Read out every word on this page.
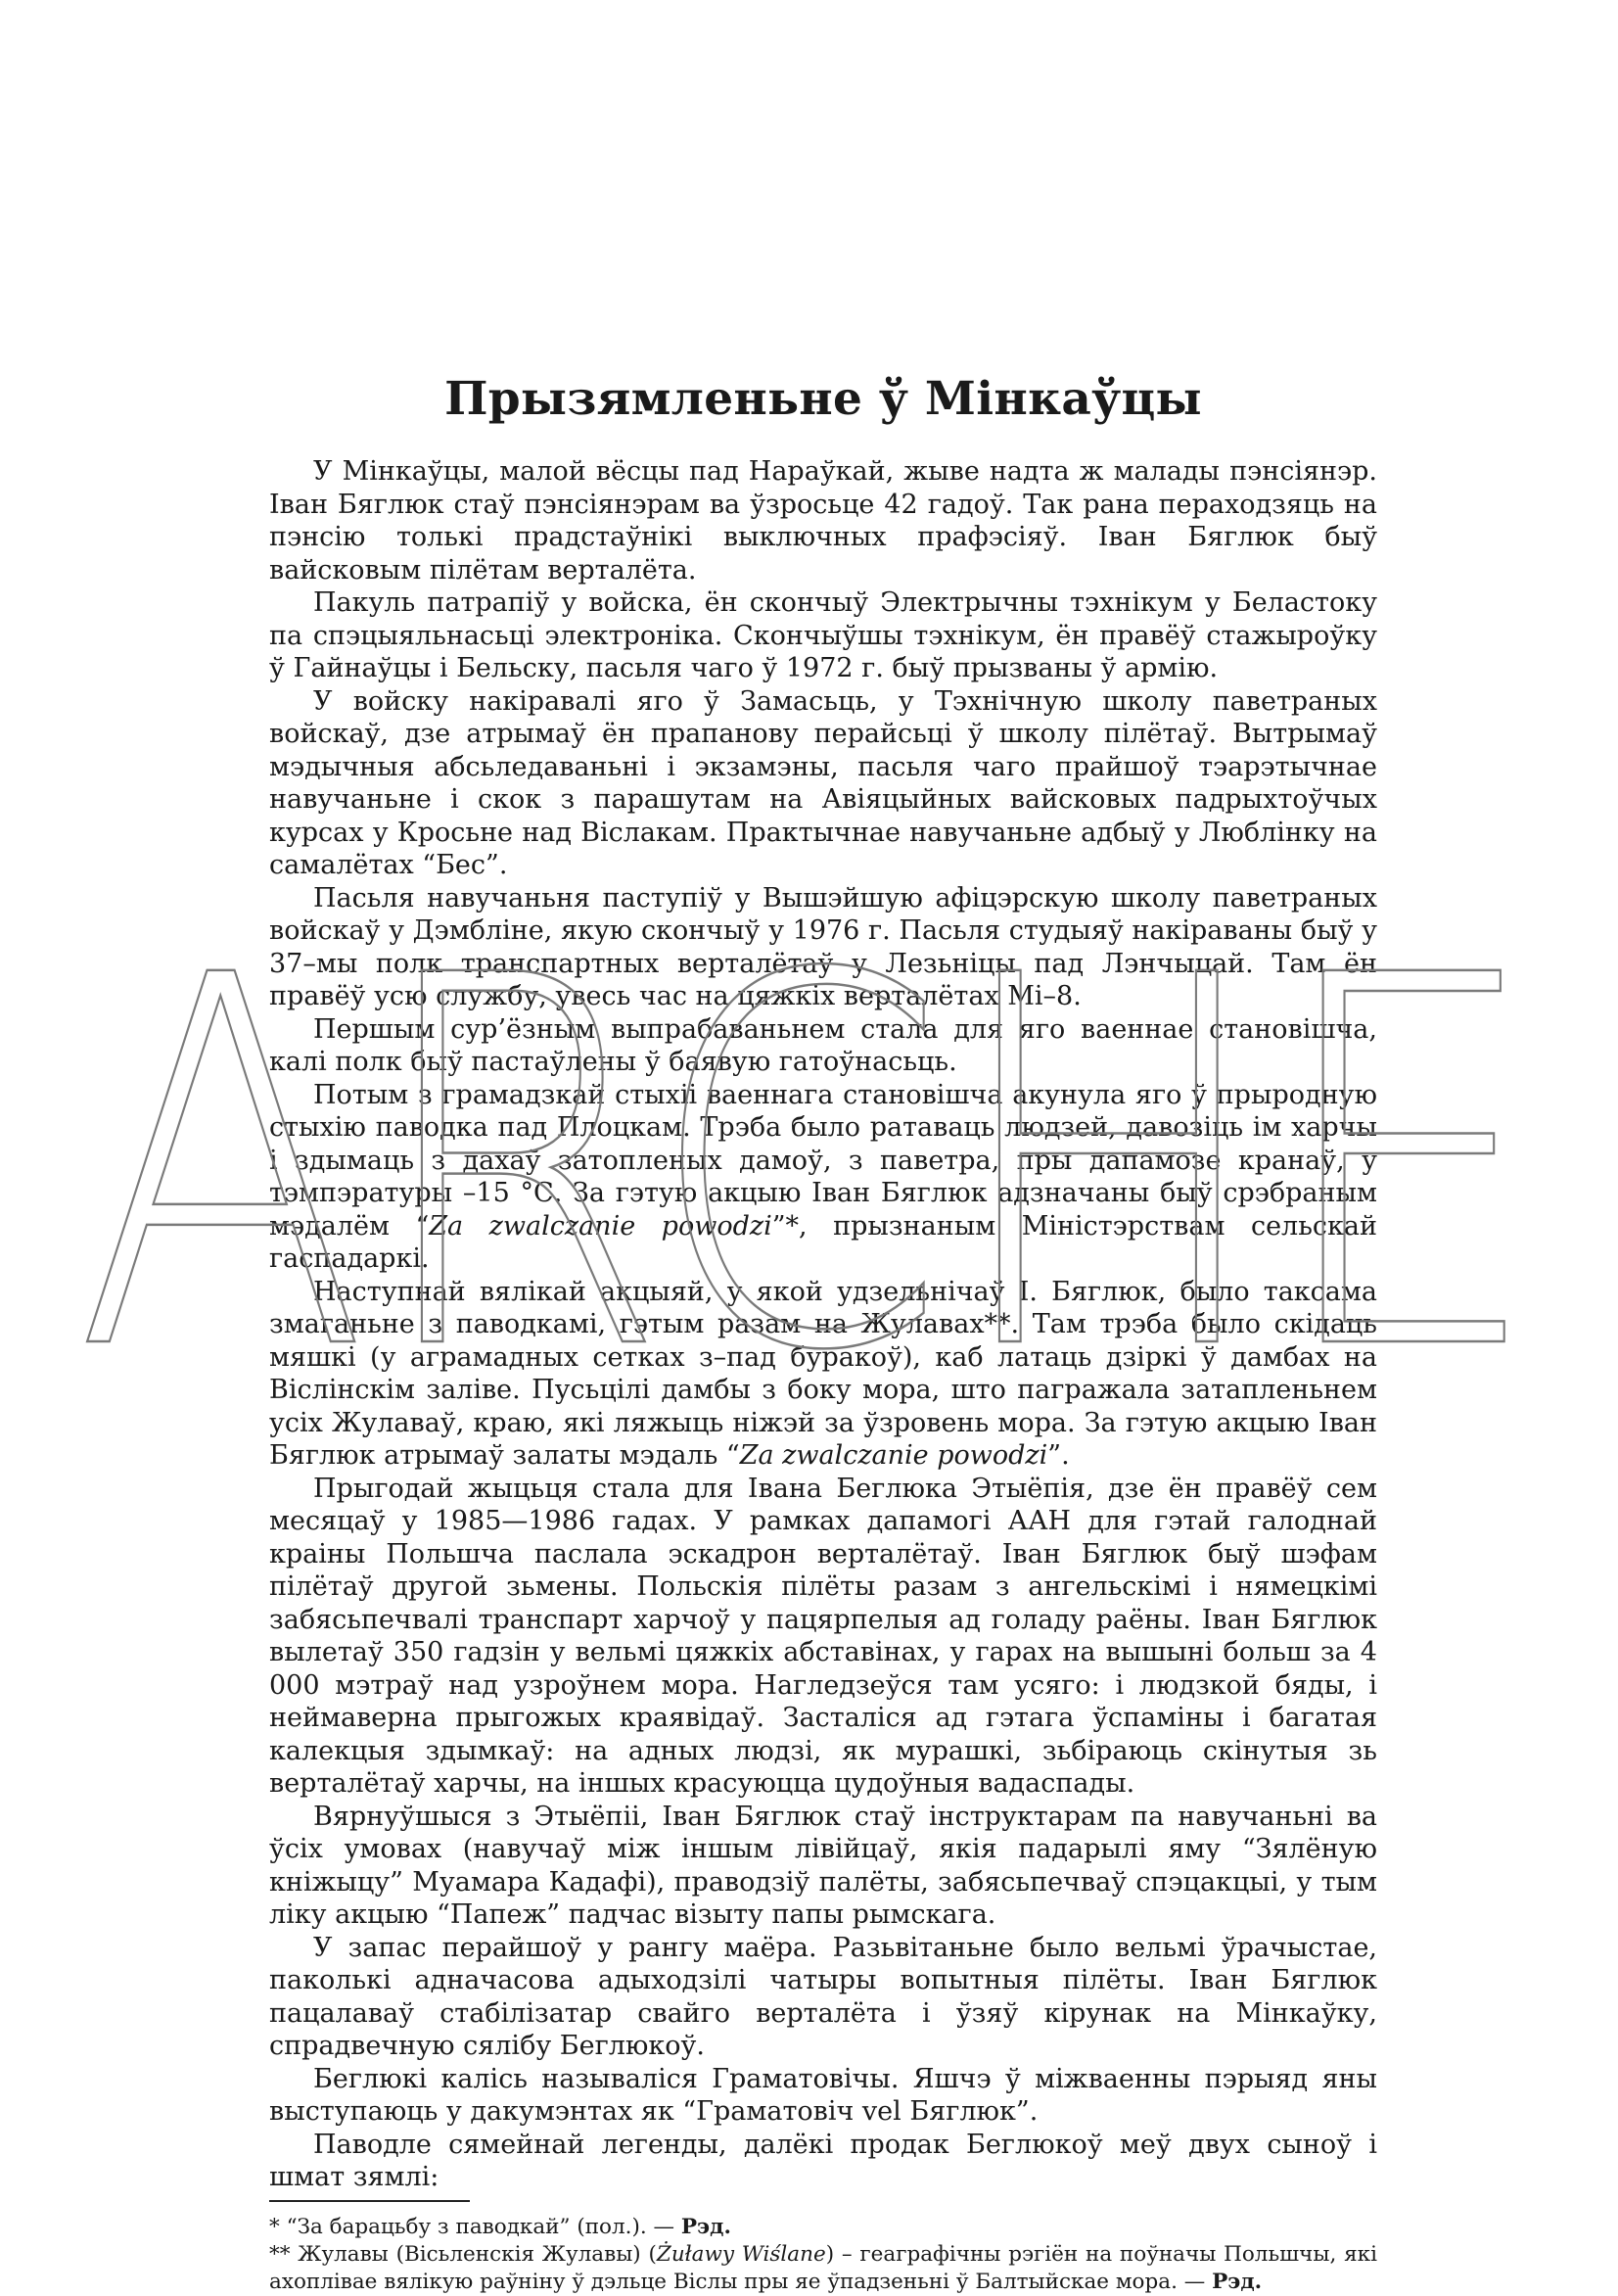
Прызямленьне ў Мінкаўцы

У Мінкаўцы, малой вёсцы пад Нараўкай, жыве надта ж малады пэнсіянэр. Іван Бяглюк стаў пэнсіянэрам ва ўзросьце 42 гадоў. Так рана пераходзяць на пэнсію толькі прадстаўнікі выключных прафэсіяў. Іван Бяглюк быў вайсковым пілётам верталёта.

Пакуль патрапіў у войска, ён скончыў Электрычны тэхнікум у Беластоку па спэцыяльнасьці электроніка. Скончыўшы тэхнікум, ён правёў стажыроўку ў Гайнаўцы і Бельску, пасьля чаго ў 1972 г. быў прызваны ў армію.

У войску накіравалі яго ў Замасьць, у Тэхнічную школу паветраных войскаў, дзе атрымаў ён прапанову перайсьці ў школу пілётаў. Вытрымаў мэдычныя абсьледаваньні і экзамэны, пасьля чаго прайшоў тэарэтычнае навучаньне і скок з парашутам на Авіяцыйных вайсковых падрыхтоўчых курсах у Кросьне над Віслакам. Практычнае навучаньне адбыў у Люблінку на самалётах “Бес”.

Пасьля навучаньня паступіў у Вышэйшую афіцэрскую школу паветраных войскаў у Дэмбліне, якую скончыў у 1976 г. Пасьля студыяў накіраваны быў у 37–мы полк транспартных верталётаў у Лезьніцы пад Лэнчыцай. Там ён правёў усю службу, увесь час на цяжкіх верталётах Мі–8.

Першым сур’ёзным выпрабаваньнем стала для яго ваеннае становішча, калі полк быў пастаўлены ў баявую гатоўнасьць.

Потым з грамадзкай стыхіі ваеннага становішча акунула яго ў прыродную стыхію паводка пад Плоцкам. Трэба было ратаваць людзей, давозіць ім харчы і здымаць з дахаў затопленых дамоў, з паветра, пры дапамозе кранаў, у тэмпэратуры –15 °С. За гэтую акцыю Іван Бяглюк адзначаны быў срэбраным мэдалём “Za zwalczanie powodzi”*, прызнаным Міністэрствам сельскай гаспадаркі.

Наступнай вялікай акцыяй, у якой удзельнічаў І. Бяглюк, было таксама змаганьне з паводкамі, гэтым разам на Жулавах**. Там трэба было скідаць мяшкі (у аграмадных сетках з–пад буракоў), каб латаць дзіркі ў дамбах на Віслінскім заліве. Пусьцілі дамбы з боку мора, што пагражала затапленьнем усіх Жулаваў, краю, які ляжыць ніжэй за ўзровень мора. За гэтую акцыю Іван Бяглюк атрымаў залаты мэдаль “Za zwalczanie powodzi”.

Прыгодай жыцьця стала для Івана Беглюка Этыёпія, дзе ён правёў сем месяцаў у 1985—1986 гадах. У рамках дапамогі ААН для гэтай галоднай краіны Польшча паслала эскадрон верталётаў. Іван Бяглюк быў шэфам пілётаў другой зьмены. Польскія пілёты разам з ангельскімі і нямецкімі забясьпечвалі транспарт харчоў у пацярпелыя ад голаду раёны. Іван Бяглюк вылетаў 350 гадзін у вельмі цяжкіх абставінах, у гарах на вышыні больш за 4 000 мэтраў над узроўнем мора. Нагледзеўся там усяго: і людзкой бяды, і неймаверна прыгожых краявідаў. Засталіся ад гэтага ўспаміны і багатая калекцыя здымкаў: на адных людзі, як мурашкі, зьбіраюць скінутыя зь верталётаў харчы, на іншых красуюцца цудоўныя вадаспады.

Вярнуўшыся з Этыёпіі, Іван Бяглюк стаў інструктарам па навучаньні ва ўсіх умовах (навучаў між іншым лівійцаў, якія падарылі яму “Зялёную кніжыцу” Муамара Кадафі), праводзіў палёты, забясьпечваў спэцакцыі, у тым ліку акцыю “Папеж” падчас візыту папы рымскага.

У запас перайшоў у рангу маёра. Разьвітаньне было вельмі ўрачыстае, паколькі адначасова адыходзілі чатыры вопытныя пілёты. Іван Бяглюк пацалаваў стабілізатар свайго верталёта і ўзяў кірунак на Мінкаўку, спрадвечную сялібу Беглюкоў.

Беглюкі калісь называліся Граматовічы. Яшчэ ў міжваенны пэрыяд яны выступаюць у дакумэнтах як “Граматовіч vel Бяглюк”.

Паводле сямейнай легенды, далёкі продак Беглюкоў меў двух сыноў і шмат зямлі:

* “За барацьбу з паводкай” (пол.). — Рэд.

** Жулавы (Вісьленскія Жулавы) (Żuławy Wiślane) – геаграфічны рэгіён на поўначы Польшчы, які ахоплівае вялікую раўніну ў дэльце Віслы пры яе ўпадзеньні ў Балтыйскае мора. — Рэд.

ARCHE
